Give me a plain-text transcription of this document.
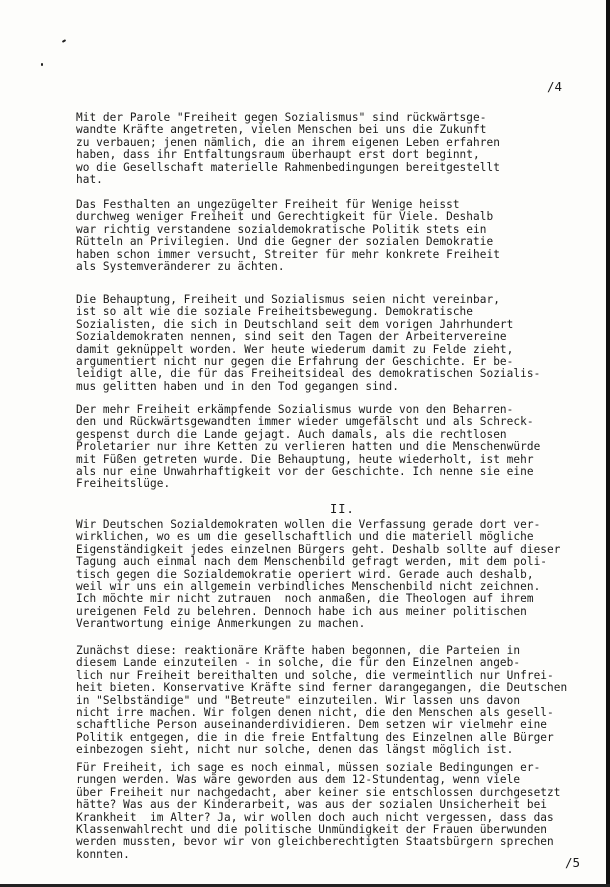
/4
Mit der Parole "Freiheit gegen Sozialismus" sind rückwärtsge-
wandte Kräfte angetreten, vielen Menschen bei uns die Zukunft
zu verbauen; jenen nämlich, die an ihrem eigenen Leben erfahren
haben, dass ihr Entfaltungsraum überhaupt erst dort beginnt,
wo die Gesellschaft materielle Rahmenbedingungen bereitgestellt
hat.
Das Festhalten an ungezügelter Freiheit für Wenige heisst
durchweg weniger Freiheit und Gerechtigkeit für Viele. Deshalb
war richtig verstandene sozialdemokratische Politik stets ein
Rütteln an Privilegien. Und die Gegner der sozialen Demokratie
haben schon immer versucht, Streiter für mehr konkrete Freiheit
als Systemveränderer zu ächten.
Die Behauptung, Freiheit und Sozialismus seien nicht vereinbar,
ist so alt wie die soziale Freiheitsbewegung. Demokratische
Sozialisten, die sich in Deutschland seit dem vorigen Jahrhundert
Sozialdemokraten nennen, sind seit den Tagen der Arbeitervereine
damit geknüppelt worden. Wer heute wiederum damit zu Felde zieht,
argumentiert nicht nur gegen die Erfahrung der Geschichte. Er be-
leidigt alle, die für das Freiheitsideal des demokratischen Sozialis-
mus gelitten haben und in den Tod gegangen sind.
Der mehr Freiheit erkämpfende Sozialismus wurde von den Beharren-
den und Rückwärtsgewandten immer wieder umgefälscht und als Schreck-
gespenst durch die Lande gejagt. Auch damals, als die rechtlosen
Proletarier nur ihre Ketten zu verlieren hatten und die Menschenwürde
mit Füßen getreten wurde. Die Behauptung, heute wiederholt, ist mehr
als nur eine Unwahrhaftigkeit vor der Geschichte. Ich nenne sie eine
Freiheitslüge.
II.
Wir Deutschen Sozialdemokraten wollen die Verfassung gerade dort ver-
wirklichen, wo es um die gesellschaftlich und die materiell mögliche
Eigenständigkeit jedes einzelnen Bürgers geht. Deshalb sollte auf dieser
Tagung auch einmal nach dem Menschenbild gefragt werden, mit dem poli-
tisch gegen die Sozialdemokratie operiert wird. Gerade auch deshalb,
weil wir uns ein allgemein verbindliches Menschenbild nicht zeichnen.
Ich möchte mir nicht zutrauen  noch anmaßen, die Theologen auf ihrem
ureigenen Feld zu belehren. Dennoch habe ich aus meiner politischen
Verantwortung einige Anmerkungen zu machen.
Zunächst diese: reaktionäre Kräfte haben begonnen, die Parteien in
diesem Lande einzuteilen - in solche, die für den Einzelnen angeb-
lich nur Freiheit bereithalten und solche, die vermeintlich nur Unfrei-
heit bieten. Konservative Kräfte sind ferner darangegangen, die Deutschen
in "Selbständige" und "Betreute" einzuteilen. Wir lassen uns davon
nicht irre machen. Wir folgen denen nicht, die den Menschen als gesell-
schaftliche Person auseinanderdividieren. Dem setzen wir vielmehr eine
Politik entgegen, die in die freie Entfaltung des Einzelnen alle Bürger
einbezogen sieht, nicht nur solche, denen das längst möglich ist.
Für Freiheit, ich sage es noch einmal, müssen soziale Bedingungen er-
rungen werden. Was wäre geworden aus dem 12-Stundentag, wenn viele
über Freiheit nur nachgedacht, aber keiner sie entschlossen durchgesetzt
hätte? Was aus der Kinderarbeit, was aus der sozialen Unsicherheit bei
Krankheit  im Alter? Ja, wir wollen doch auch nicht vergessen, dass das
Klassenwahlrecht und die politische Unmündigkeit der Frauen überwunden
werden mussten, bevor wir von gleichberechtigten Staatsbürgern sprechen
konnten.
/5
